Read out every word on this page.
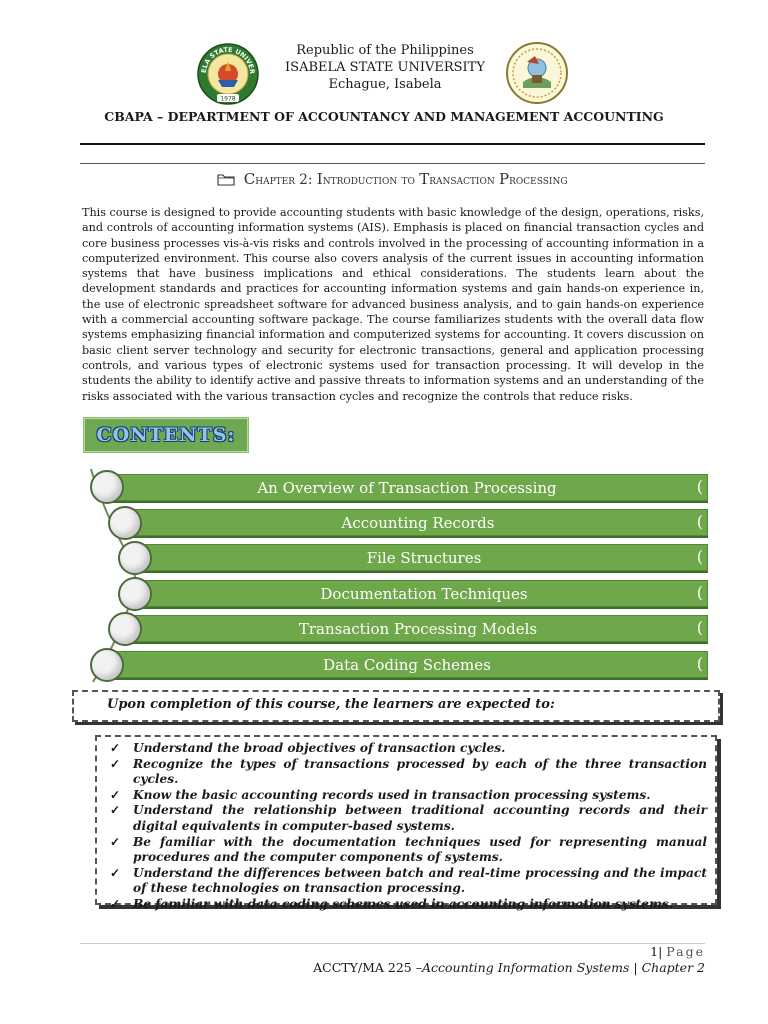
ELA STATE UNIVER
1978
Republic of the Philippines
ISABELA STATE UNIVERSITY
Echague, Isabela
CBAPA – DEPARTMENT OF ACCOUNTANCY AND MANAGEMENT ACCOUNTING
Chapter 2: Introduction to Transaction Processing
This course is designed to provide accounting students with basic knowledge of the design, operations, risks, and controls of accounting information systems (AIS). Emphasis is placed on financial transaction cycles and core business processes vis-à-vis risks and controls involved in the processing of accounting information in a computerized environment. This course also covers analysis of the current issues in accounting information systems that have business implications and ethical considerations. The students learn about the development standards and practices for accounting information systems and gain hands-on experience in, the use of electronic spreadsheet software for advanced business analysis, and to gain hands-on experience with a commercial accounting software package. The course familiarizes students with the overall data flow systems emphasizing financial information and computerized systems for accounting. It covers discussion on basic client server technology and security for electronic transactions, general and application processing controls, and various types of electronic systems used for transaction processing. It will develop in the students the ability to identify active and passive threats to information systems and an understanding of the risks associated with the various transaction cycles and recognize the controls that reduce risks.
CONTENTS:
An Overview of Transaction Processing	(
Accounting Records	(
File Structures	(
Documentation Techniques	(
Transaction Processing Models	(
Data Coding Schemes	(
Upon completion of this course, the learners are expected to:
✓ Understand the broad objectives of transaction cycles.
✓ Recognize the types of transactions processed by each of the three transaction cycles.
✓ Know the basic accounting records used in transaction processing systems.
✓ Understand the relationship between traditional accounting records and their digital equivalents in computer-based systems.
✓ Be familiar with the documentation techniques used for representing manual procedures and the computer components of systems.
✓ Understand the differences between batch and real-time processing and the impact of these technologies on transaction processing.
✓ Be familiar with data coding schemes used in accounting information systems.
1| Page
ACCTY/MA 225 –Accounting Information Systems | Chapter 2
